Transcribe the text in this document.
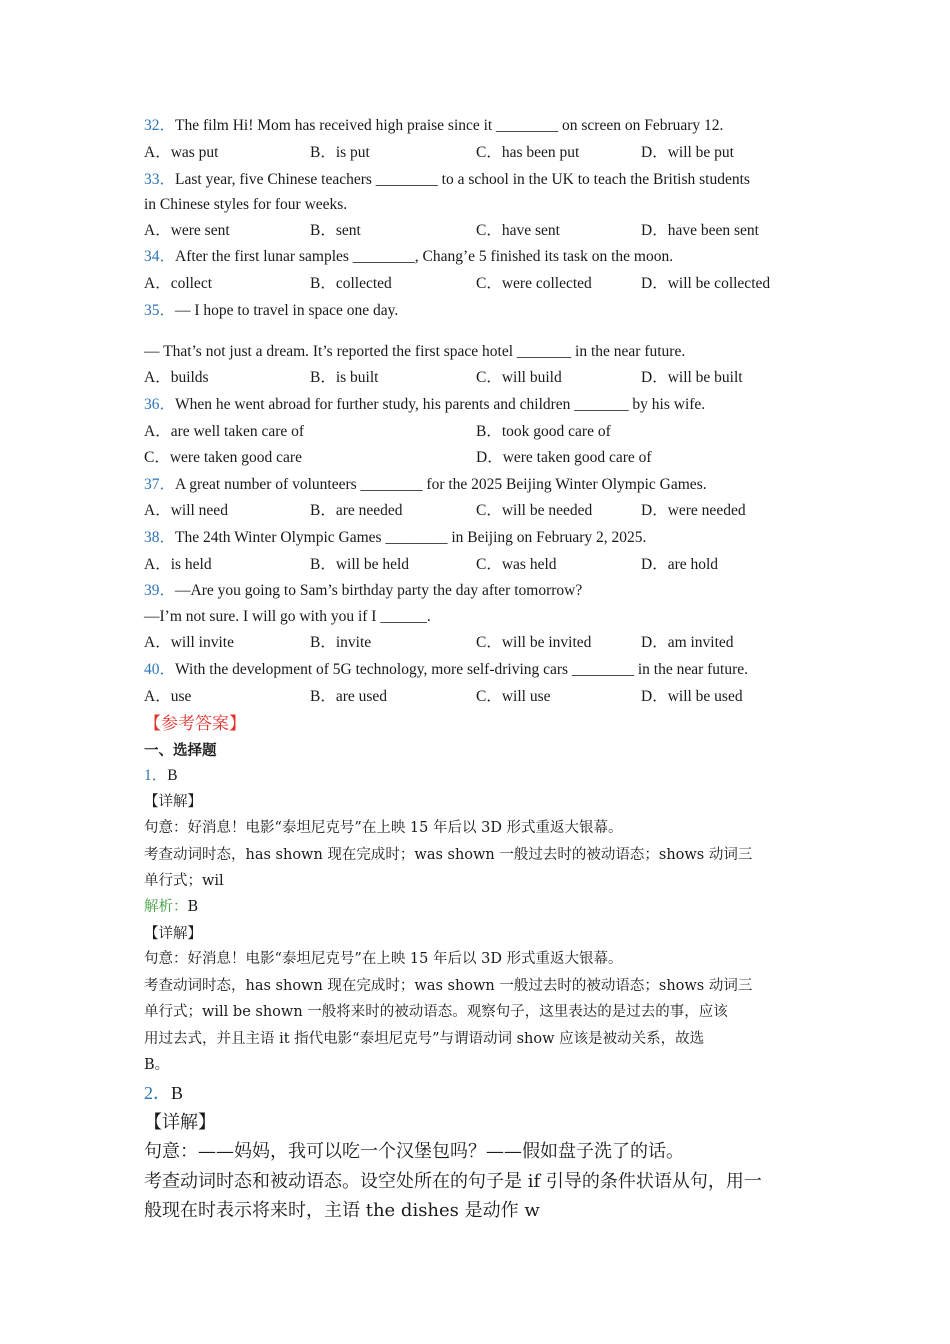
32．The film Hi! Mom has received high praise since it ________ on screen on February 12.
A．was put	B．is put	C．has been put	D．will be put
33．Last year, five Chinese teachers ________ to a school in the UK to teach the British students
in Chinese styles for four weeks.
A．were sent	B．sent	C．have sent	D．have been sent
34．After the first lunar samples ________, Chang’e 5 finished its task on the moon.
A．collect	B．collected	C．were collected	D．will be collected
35．— I hope to travel in space one day.
— That’s not just a dream. It’s reported the first space hotel _______ in the near future.
A．builds	B．is built	C．will build	D．will be built
36．When he went abroad for further study, his parents and children _______ by his wife.
A．are well taken care of	B．took good care of
C．were taken good care	D．were taken good care of
37．A great number of volunteers ________ for the 2025 Beijing Winter Olympic Games.
A．will need	B．are needed	C．will be needed	D．were needed
38．The 24th Winter Olympic Games ________ in Beijing on February 2, 2025.
A．is held	B．will be held	C．was held	D．are hold
39．—Are you going to Sam’s birthday party the day after tomorrow?
—I’m not sure. I will go with you if I ______.
A．will invite	B．invite	C．will be invited	D．am invited
40．With the development of 5G technology, more self-driving cars ________ in the near future.
A．use	B．are used	C．will use	D．will be used
【参考答案】
一、选择题
1．B
【详解】
句意：好消息！电影“泰坦尼克号”在上映 15 年后以 3D 形式重返大银幕。
考查动词时态，has shown 现在完成时；was shown 一般过去时的被动语态；shows 动词三
单行式；wil
解析：B
【详解】
句意：好消息！电影“泰坦尼克号”在上映 15 年后以 3D 形式重返大银幕。
考查动词时态，has shown 现在完成时；was shown 一般过去时的被动语态；shows 动词三
单行式；will be shown 一般将来时的被动语态。观察句子，这里表达的是过去的事，应该
用过去式，并且主语 it 指代电影“泰坦尼克号”与谓语动词 show 应该是被动关系，故选
B。
2．B
【详解】
句意：——妈妈，我可以吃一个汉堡包吗？——假如盘子洗了的话。
考查动词时态和被动语态。设空处所在的句子是 if 引导的条件状语从句，用一
般现在时表示将来时，主语 the dishes 是动作 w
